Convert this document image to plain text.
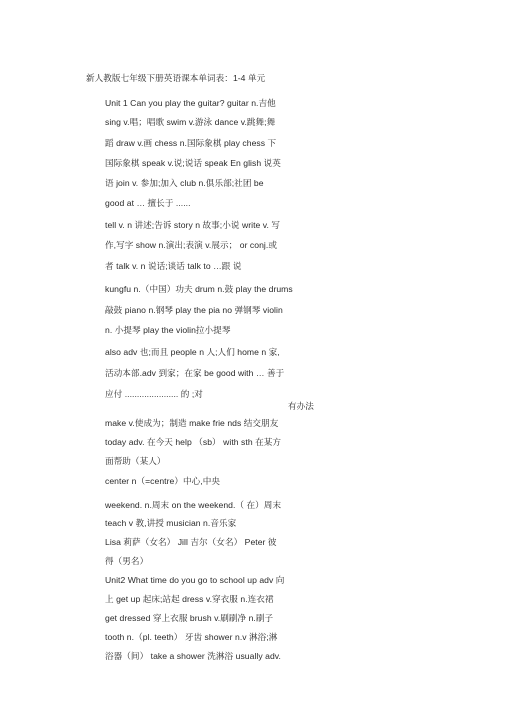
新人教版七年级下册英语课本单词表：1-4 单元
Unit 1 Can you play the guitar? guitar n.吉他
sing v.唱；唱歌 swim v.游泳 dance v.跳舞;舞
蹈 draw v.画 chess n.国际象棋 play chess 下
国际象棋 speak v.说;说话 speak En glish 说英
语 join v. 参加;加入 club n.俱乐部;社团 be
good at … 擅长于 ......
tell v. n 讲述;告诉 story n 故事;小说 write v. 写
作,写字 show n.演出;表演 v.展示； or conj.或
者 talk v. n 说话;谈话 talk to …跟 说
kungfu n.（中国）功夫 drum n.鼓 play the drums
敲鼓 piano n.钢琴 play the pia no 弹钢琴 violin
n. 小提琴 play the violin拉小提琴
also adv 也;而且 people n 人;人们 home n 家,
活动本部.adv 到家；在家 be good with … 善于
应付 ...................... 的 ;对
有办法
make v.使成为；制造 make frie nds 结交朋友
today adv. 在今天 help （sb） with sth 在某方
面帮助（某人）
center n（=centre）中心,中央
weekend. n.周末 on the weekend.（ 在）周末
teach v 教,讲授 musician n.音乐家
Lisa 莉萨（女名） Jill 吉尔（女名） Peter 彼
得（男名）
Unit2 What time do you go to school up adv 向
上 get up 起床;站起 dress v.穿衣服 n.连衣裙
get dressed 穿上衣服 brush v.刷刷净 n.刷子
tooth n.（pl. teeth） 牙齿 shower n.v 淋浴;淋
浴器（间） take a shower 洗淋浴 usually adv.
